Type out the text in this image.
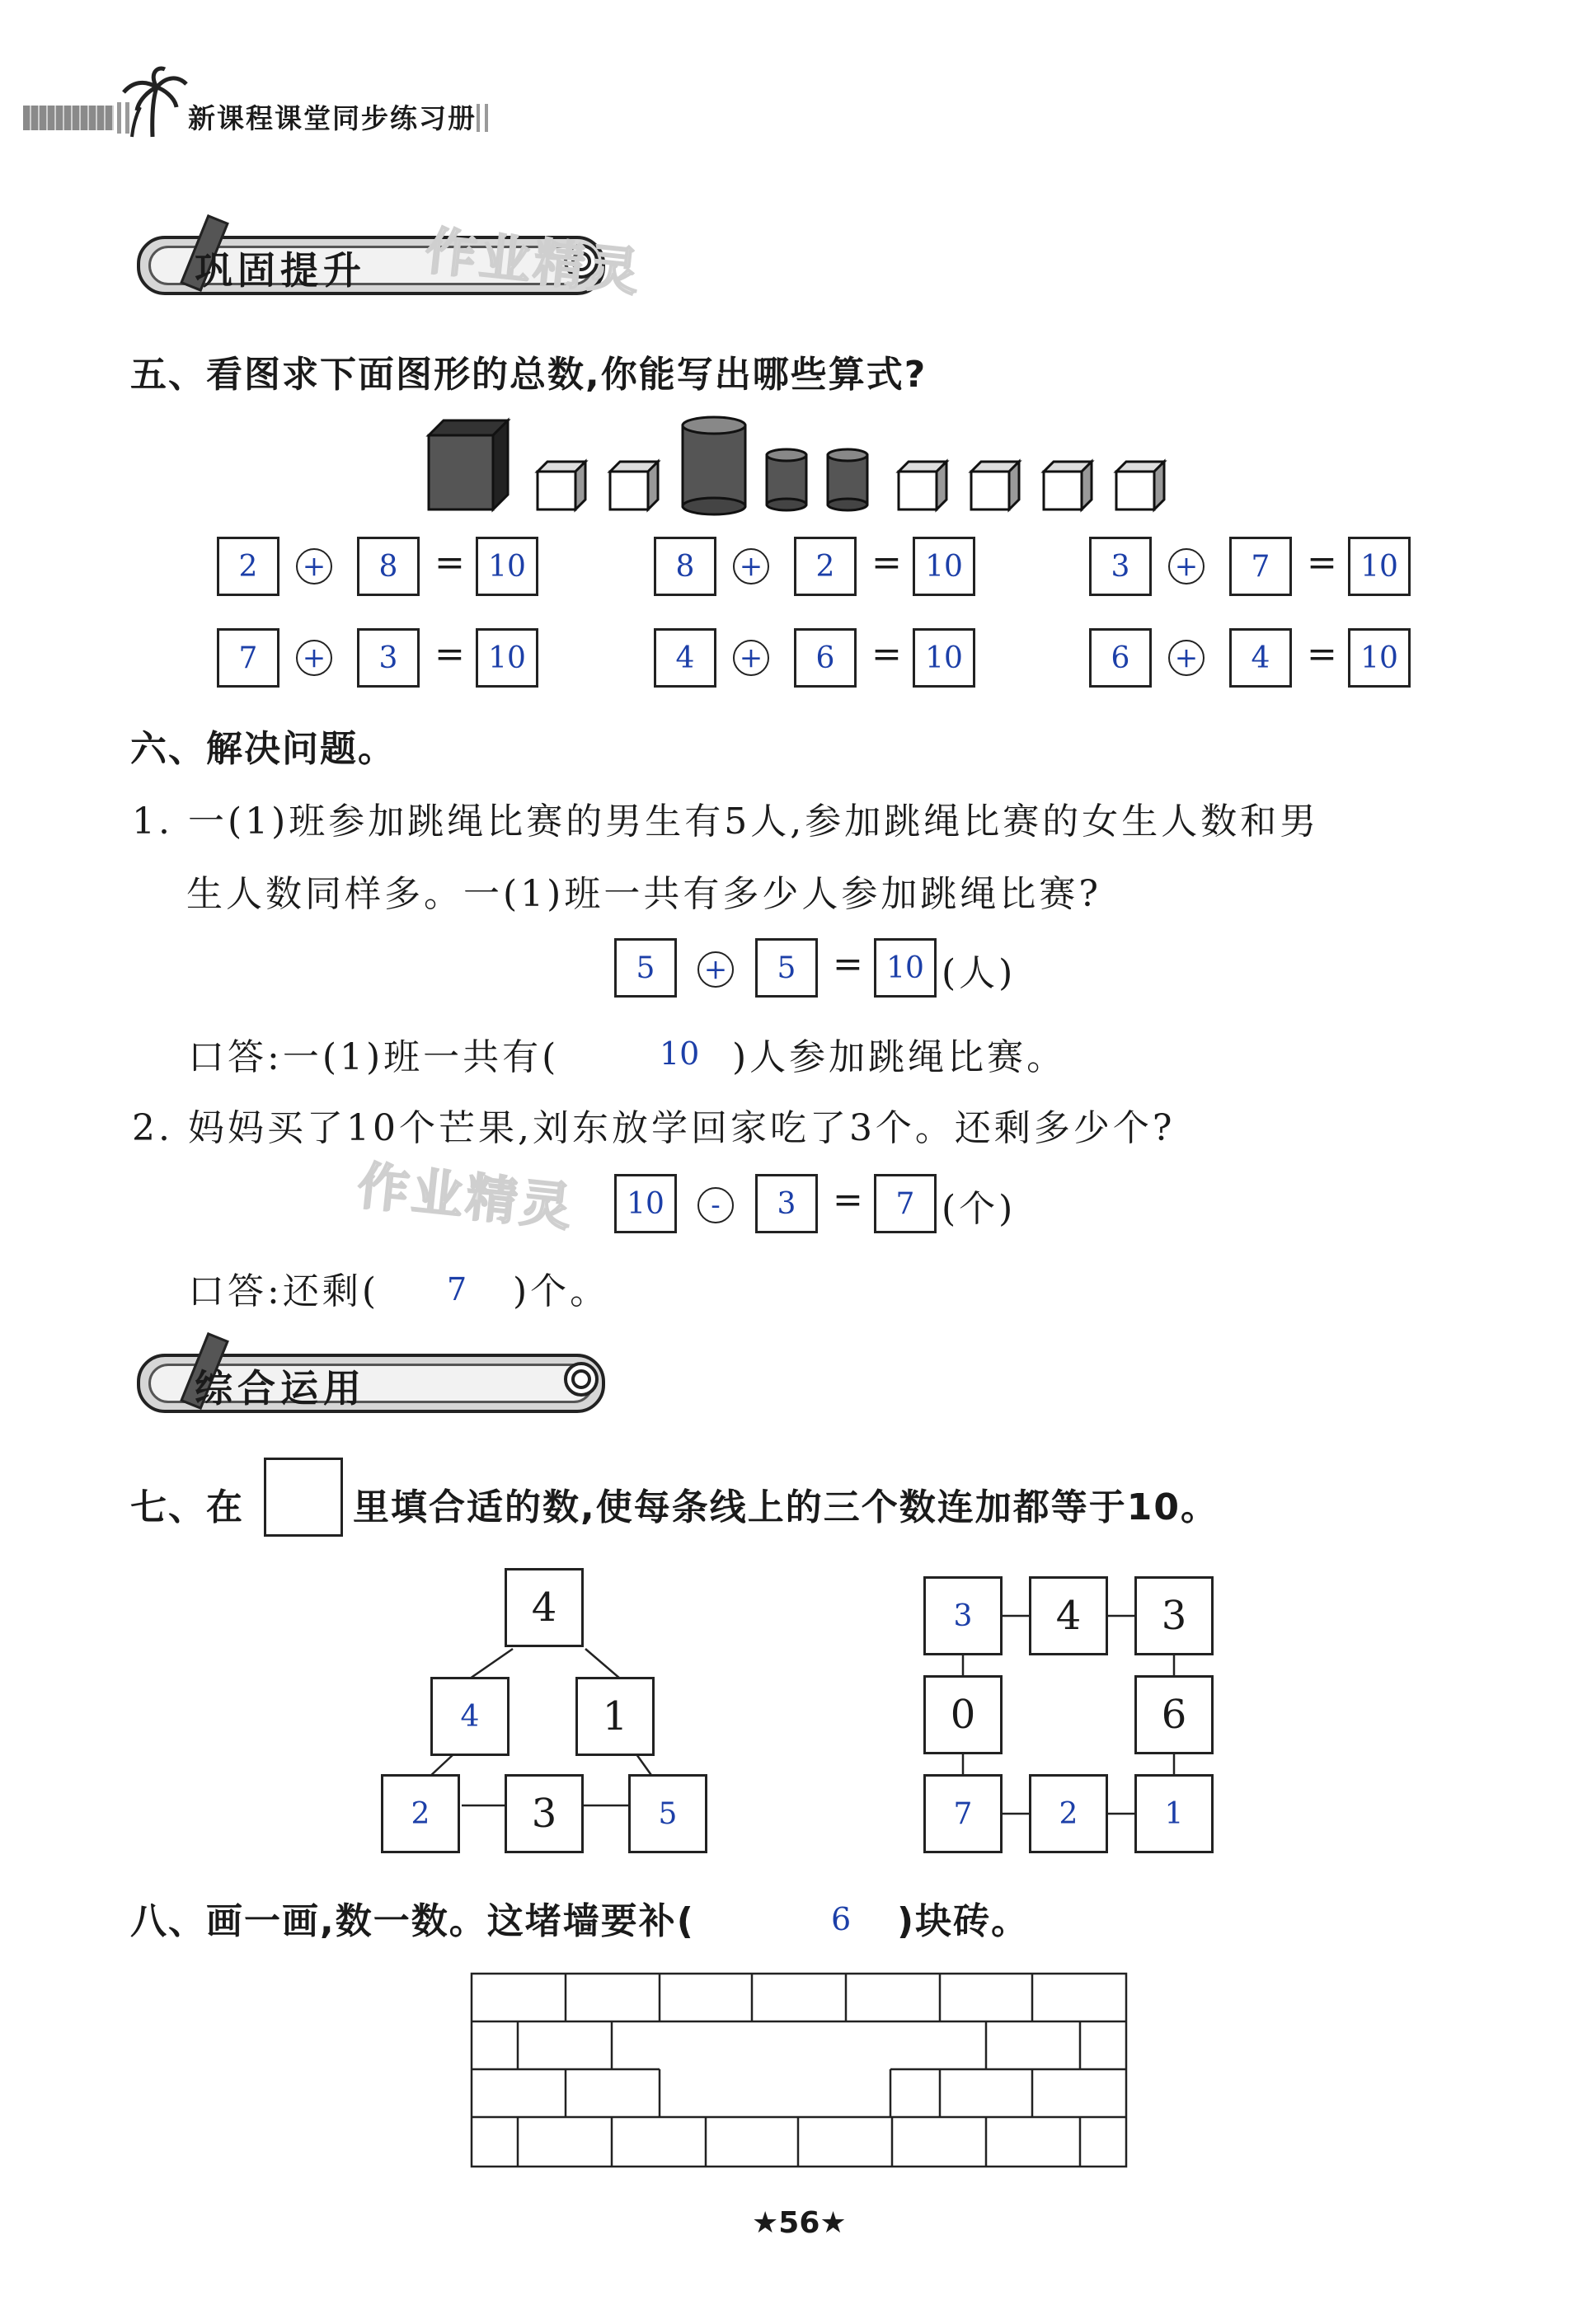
新课程课堂同步练习册
巩固提升 作业精灵
五、看图求下面图形的总数,你能写出哪些算式?
2	+	8	= 10	8	+	2	= 10	3	+	7	= 10
7	+	3	= 10	4	+	6	= 10	6	+	4	= 10
六、解决问题。
1. 一(1)班参加跳绳比赛的男生有5人,参加跳绳比赛的女生人数和男
生人数同样多。一(1)班一共有多少人参加跳绳比赛?
5	+	5	= 10 (人)
口答:一(1)班一共有(	10 )人参加跳绳比赛。
2. 妈妈买了10个芒果,刘东放学回家吃了3个。还剩多少个?
作业精灵	10	-	3	=	7 (个)
口答:还剩( 7 )个。
综合运用
七、在	里填合适的数,使每条线上的三个数连加都等于10。
4
4	1
2	3	5
3	4	3
0	6
7	2	1
八、画一画,数一数。这堵墙要补(	6 )块砖。
★56★
